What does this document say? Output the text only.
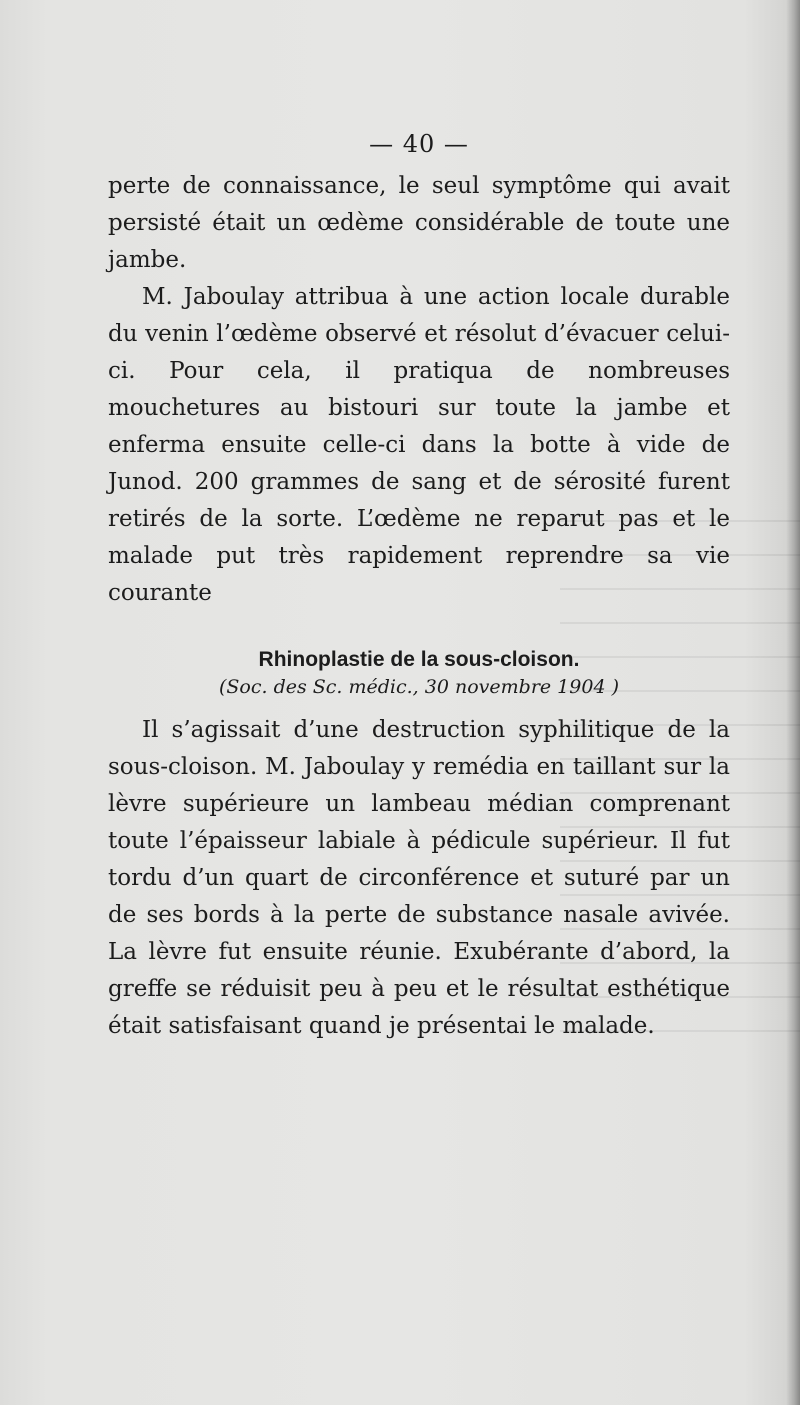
— 40 —

perte de connaissance, le seul symptôme qui avait persisté était un œdème considérable de toute une jambe.

M. Jaboulay attribua à une action locale durable du venin l’œdème observé et résolut d’évacuer celui-ci. Pour cela, il pratiqua de nombreuses mouchetures au bistouri sur toute la jambe et enferma ensuite celle-ci dans la botte à vide de Junod. 200 grammes de sang et de sérosité furent retirés de la sorte. L’œdème ne reparut pas et le malade put très rapidement reprendre sa vie courante

Rhinoplastie de la sous-cloison.
(Soc. des Sc. médic., 30 novembre 1904 )

Il s’agissait d’une destruction syphilitique de la sous-cloison. M. Jaboulay y remédia en taillant sur la lèvre supérieure un lambeau médian comprenant toute l’épaisseur labiale à pédicule supérieur. Il fut tordu d’un quart de circonférence et suturé par un de ses bords à la perte de substance nasale avivée. La lèvre fut ensuite réunie. Exubérante d’abord, la greffe se réduisit peu à peu et le résultat esthétique était satisfaisant quand je présentai le malade.
